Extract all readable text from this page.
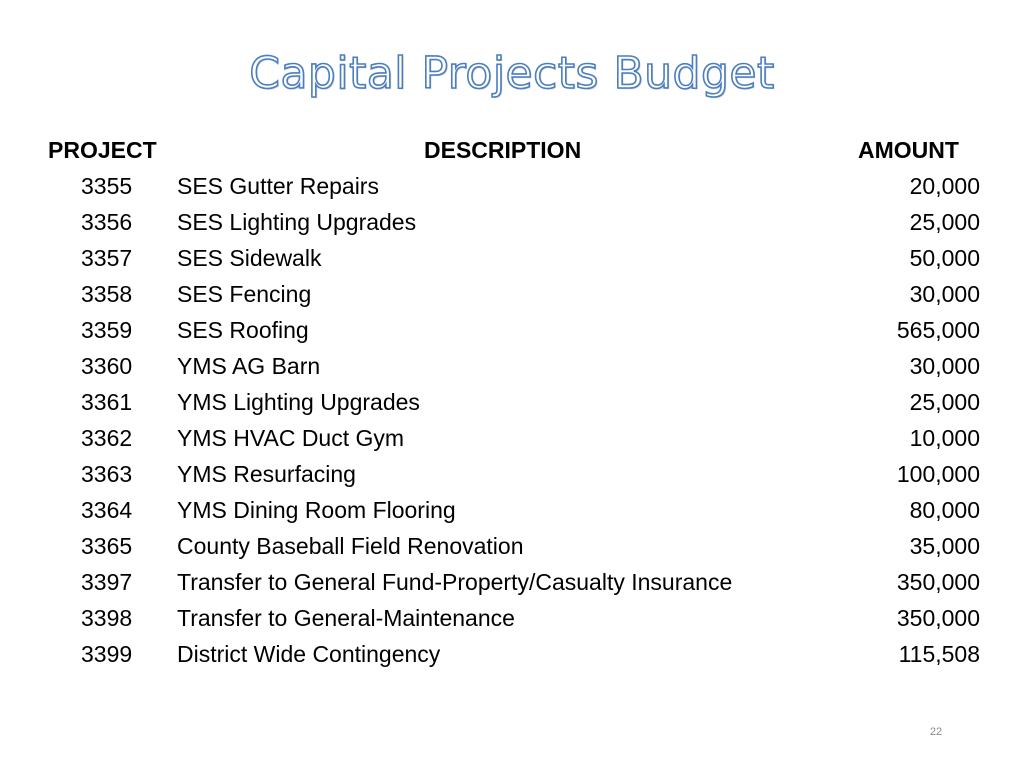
Capital Projects Budget
PROJECT	DESCRIPTION	AMOUNT
3355 SES Gutter Repairs	20,000
3356 SES Lighting Upgrades	25,000
3357 SES Sidewalk	50,000
3358 SES Fencing	30,000
3359 SES Roofing	565,000
3360 YMS AG Barn	30,000
3361 YMS Lighting Upgrades	25,000
3362 YMS HVAC Duct Gym	10,000
3363 YMS Resurfacing	100,000
3364 YMS Dining Room Flooring	80,000
3365 County Baseball Field Renovation	35,000
3397 Transfer to General Fund-Property/Casualty Insurance	350,000
3398 Transfer to General-Maintenance	350,000
3399 District Wide Contingency	115,508
22
